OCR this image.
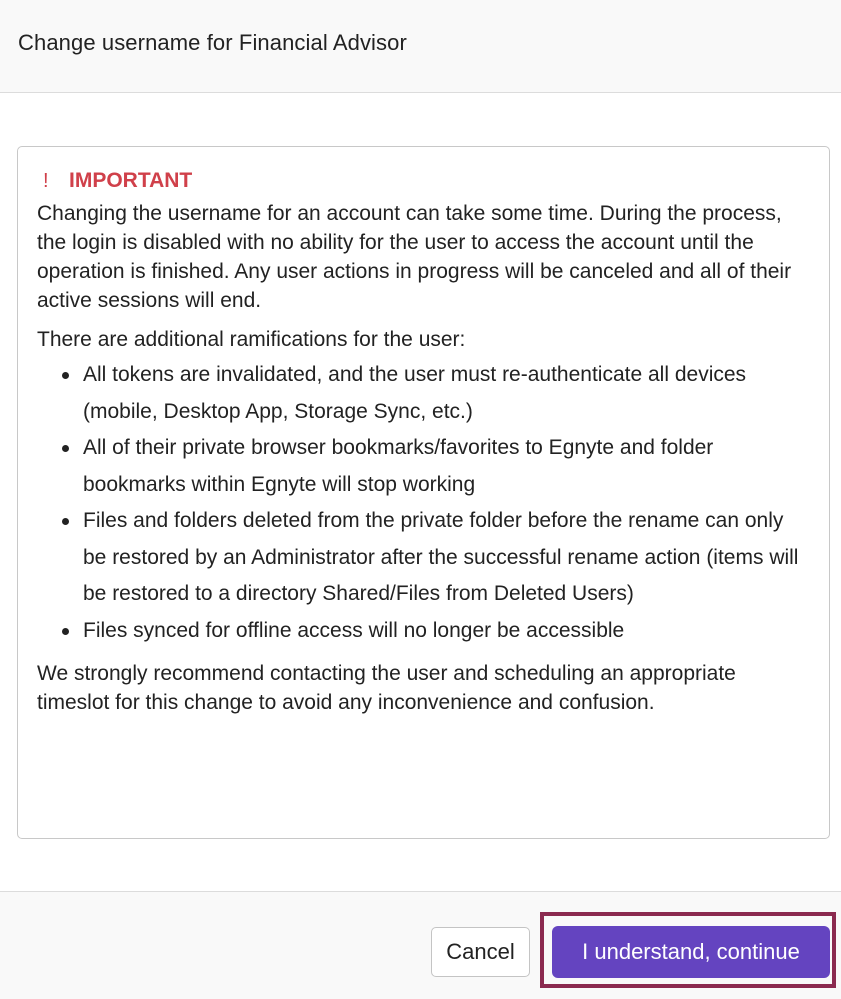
Change username for Financial Advisor
! IMPORTANT

Changing the username for an account can take some time. During the process, the login is disabled with no ability for the user to access the account until the operation is finished. Any user actions in progress will be canceled and all of their active sessions will end.

There are additional ramifications for the user:

All tokens are invalidated, and the user must re-authenticate all devices (mobile, Desktop App, Storage Sync, etc.)
All of their private browser bookmarks/favorites to Egnyte and folder bookmarks within Egnyte will stop working
Files and folders deleted from the private folder before the rename can only be restored by an Administrator after the successful rename action (items will be restored to a directory Shared/Files from Deleted Users)
Files synced for offline access will no longer be accessible

We strongly recommend contacting the user and scheduling an appropriate timeslot for this change to avoid any inconvenience and confusion.

Cancel	I understand, continue
